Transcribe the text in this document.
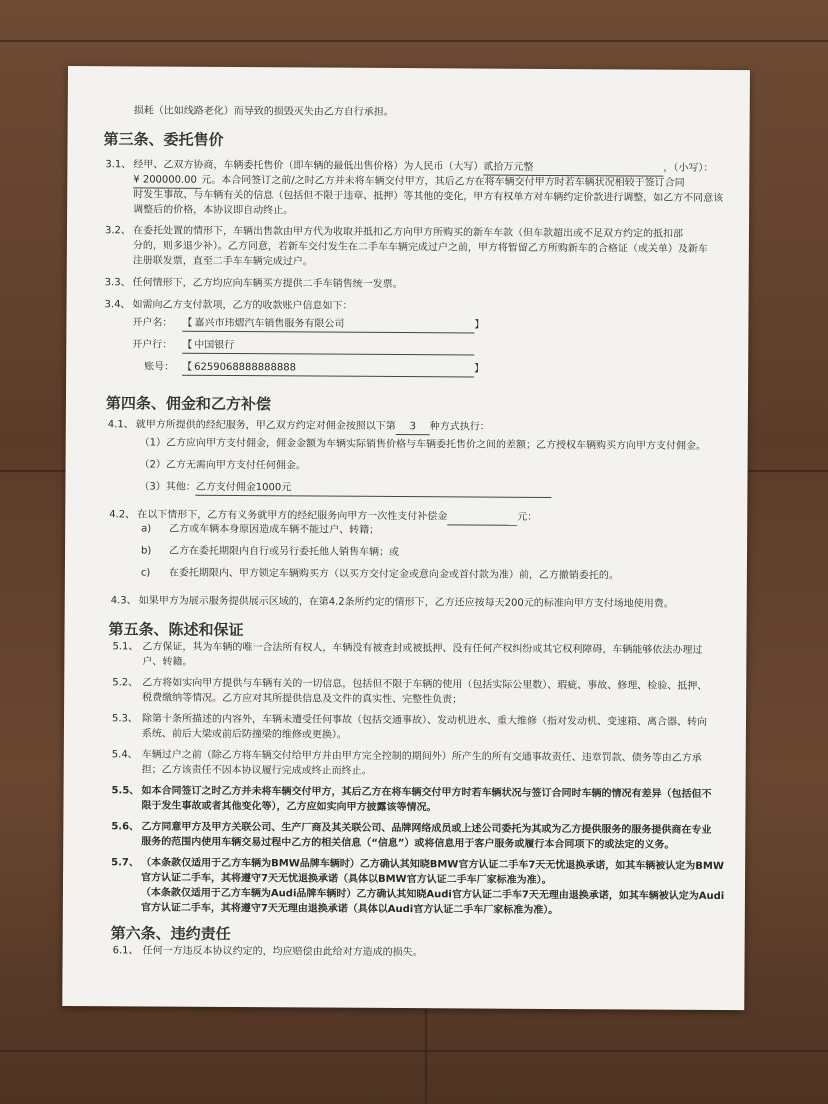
损耗（比如线路老化）而导致的损毁灭失由乙方自行承担。
第三条、委托售价
3.1、 经甲、乙双方协商，车辆委托售价（即车辆的最低出售价格）为人民币（大写）贰拾万元整	，（小写）：
¥ 200000.00 元。本合同签订之前/之时乙方并未将车辆交付甲方，其后乙方在将车辆交付甲方时若车辆状况相较于签订合同
时发生事故、与车辆有关的信息（包括但不限于违章、抵押）等其他的变化，甲方有权单方对车辆约定价款进行调整，如乙方不同意该
调整后的价格，本协议即自动终止。
3.2、 在委托处置的情形下，车辆出售款由甲方代为收取并抵扣乙方向甲方所购买的新车车款（但车款超出或不足双方约定的抵扣部
分的，则多退少补）。乙方同意，若新车交付发生在二手车车辆完成过户之前，甲方将暂留乙方所购新车的合格证（或关单）及新车
注册联发票，直至二手车车辆完成过户。
3.3、 任何情形下，乙方均应向车辆买方提供二手车销售统一发票。
3.4、 如需向乙方支付款项，乙方的收款账户信息如下：
开户名： 【 嘉兴市玮熠汽车销售服务有限公司	】
开户行： 【 中国银行
账号： 【 6259068888888888	】
第四条、佣金和乙方补偿
4.1、 就甲方所提供的经纪服务，甲乙双方约定对佣金按照以下第 3 种方式执行：
（1）乙方应向甲方支付佣金，佣金金额为车辆实际销售价格与车辆委托售价之间的差额；乙方授权车辆购买方向甲方支付佣金。
（2）乙方无需向甲方支付任何佣金。
（3）其他：乙方支付佣金1000元
4.2、 在以下情形下，乙方有义务就甲方的经纪服务向甲方一次性支付补偿金	元：
a) 乙方或车辆本身原因造成车辆不能过户、转籍；
b) 乙方在委托期限内自行或另行委托他人销售车辆；或
c) 在委托期限内、甲方锁定车辆购买方（以买方交付定金或意向金或首付款为准）前，乙方撤销委托的。
4.3、 如果甲方为展示服务提供展示区域的，在第4.2条所约定的情形下，乙方还应按每天200元的标准向甲方支付场地使用费。
第五条、陈述和保证
5.1、 乙方保证，其为车辆的唯一合法所有权人，车辆没有被查封或被抵押、没有任何产权纠纷或其它权利障碍，车辆能够依法办理过
户、转籍。
5.2、 乙方将如实向甲方提供与车辆有关的一切信息，包括但不限于车辆的使用（包括实际公里数）、瑕疵、事故、修理、检验、抵押、
税费缴纳等情况。乙方应对其所提供信息及文件的真实性、完整性负责；
5.3、 除第十条所描述的内容外，车辆未遭受任何事故（包括交通事故）、发动机进水、重大维修（指对发动机、变速箱、离合器、转向
系统、前后大梁或前后防撞梁的维修或更换）。
5.4、 车辆过户之前（除乙方将车辆交付给甲方并由甲方完全控制的期间外）所产生的所有交通事故责任、违章罚款、债务等由乙方承
担；乙方该责任不因本协议履行完成或终止而终止。
5.5、 如本合同签订之时乙方并未将车辆交付甲方，其后乙方在将车辆交付甲方时若车辆状况与签订合同时车辆的情况有差异（包括但不
限于发生事故或者其他变化等），乙方应如实向甲方披露该等情况。
5.6、 乙方同意甲方及甲方关联公司、生产厂商及其关联公司、品牌网络成员或上述公司委托为其或为乙方提供服务的服务提供商在专业
服务的范围内使用车辆交易过程中乙方的相关信息（“信息”）或将信息用于客户服务或履行本合同项下的或法定的义务。
5.7、 （本条款仅适用于乙方车辆为BMW品牌车辆时）乙方确认其知晓BMW官方认证二手车7天无忧退换承诺，如其车辆被认定为BMW
官方认证二手车，其将遵守7天无忧退换承诺（具体以BMW官方认证二手车厂家标准为准）。
（本条款仅适用于乙方车辆为Audi品牌车辆时）乙方确认其知晓Audi官方认证二手车7天无理由退换承诺，如其车辆被认定为Audi
官方认证二手车，其将遵守7天无理由退换承诺（具体以Audi官方认证二手车厂家标准为准）。
第六条、违约责任
6.1、 任何一方违反本协议约定的，均应赔偿由此给对方造成的损失。
